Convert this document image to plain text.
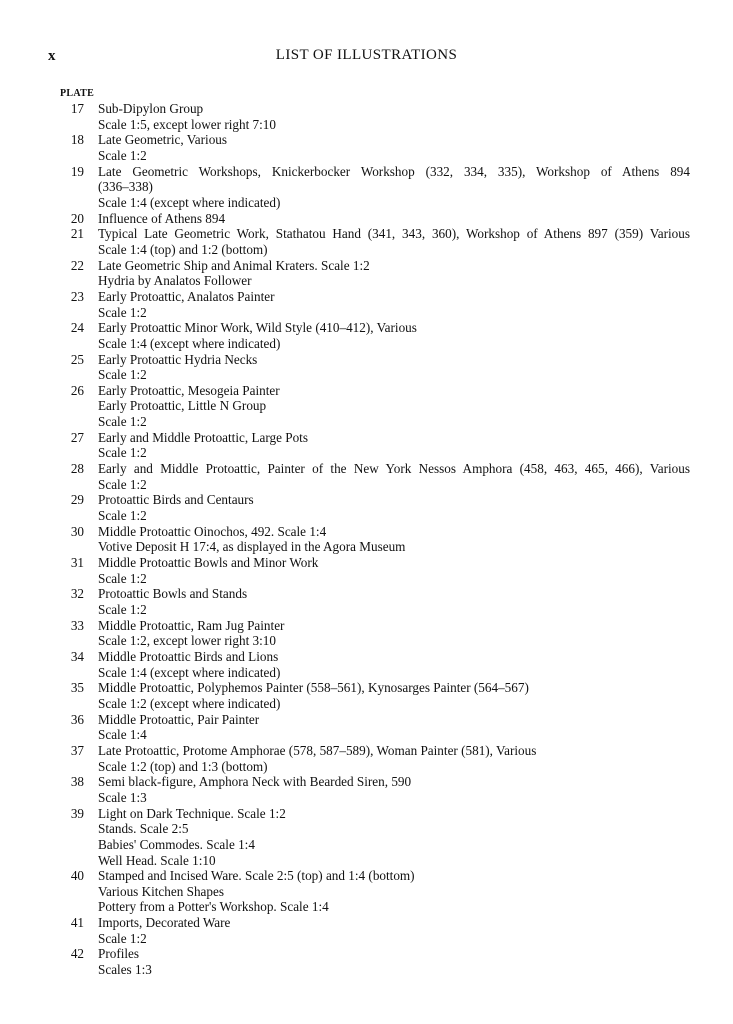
x	LIST OF ILLUSTRATIONS
PLATE
17 Sub-Dipylon Group
Scale 1:5, except lower right 7:10
18 Late Geometric, Various
Scale 1:2
19 Late Geometric Workshops, Knickerbocker Workshop (332, 334, 335), Workshop of Athens 894
(336–338)
Scale 1:4 (except where indicated)
20 Influence of Athens 894
21 Typical Late Geometric Work, Stathatou Hand (341, 343, 360), Workshop of Athens 897 (359) Various
Scale 1:4 (top) and 1:2 (bottom)
22 Late Geometric Ship and Animal Kraters. Scale 1:2
Hydria by Analatos Follower
23 Early Protoattic, Analatos Painter
Scale 1:2
24 Early Protoattic Minor Work, Wild Style (410–412), Various
Scale 1:4 (except where indicated)
25 Early Protoattic Hydria Necks
Scale 1:2
26 Early Protoattic, Mesogeia Painter
Early Protoattic, Little N Group
Scale 1:2
27 Early and Middle Protoattic, Large Pots
Scale 1:2
28 Early and Middle Protoattic, Painter of the New York Nessos Amphora (458, 463, 465, 466), Various
Scale 1:2
29 Protoattic Birds and Centaurs
Scale 1:2
30 Middle Protoattic Oinochos, 492. Scale 1:4
Votive Deposit H 17:4, as displayed in the Agora Museum
31 Middle Protoattic Bowls and Minor Work
Scale 1:2
32 Protoattic Bowls and Stands
Scale 1:2
33 Middle Protoattic, Ram Jug Painter
Scale 1:2, except lower right 3:10
34 Middle Protoattic Birds and Lions
Scale 1:4 (except where indicated)
35 Middle Protoattic, Polyphemos Painter (558–561), Kynosarges Painter (564–567)
Scale 1:2 (except where indicated)
36 Middle Protoattic, Pair Painter
Scale 1:4
37 Late Protoattic, Protome Amphorae (578, 587–589), Woman Painter (581), Various
Scale 1:2 (top) and 1:3 (bottom)
38 Semi black-figure, Amphora Neck with Bearded Siren, 590
Scale 1:3
39 Light on Dark Technique. Scale 1:2
Stands. Scale 2:5
Babies' Commodes. Scale 1:4
Well Head. Scale 1:10
40 Stamped and Incised Ware. Scale 2:5 (top) and 1:4 (bottom)
Various Kitchen Shapes
Pottery from a Potter's Workshop. Scale 1:4
41 Imports, Decorated Ware
Scale 1:2
42 Profiles
Scales 1:3
